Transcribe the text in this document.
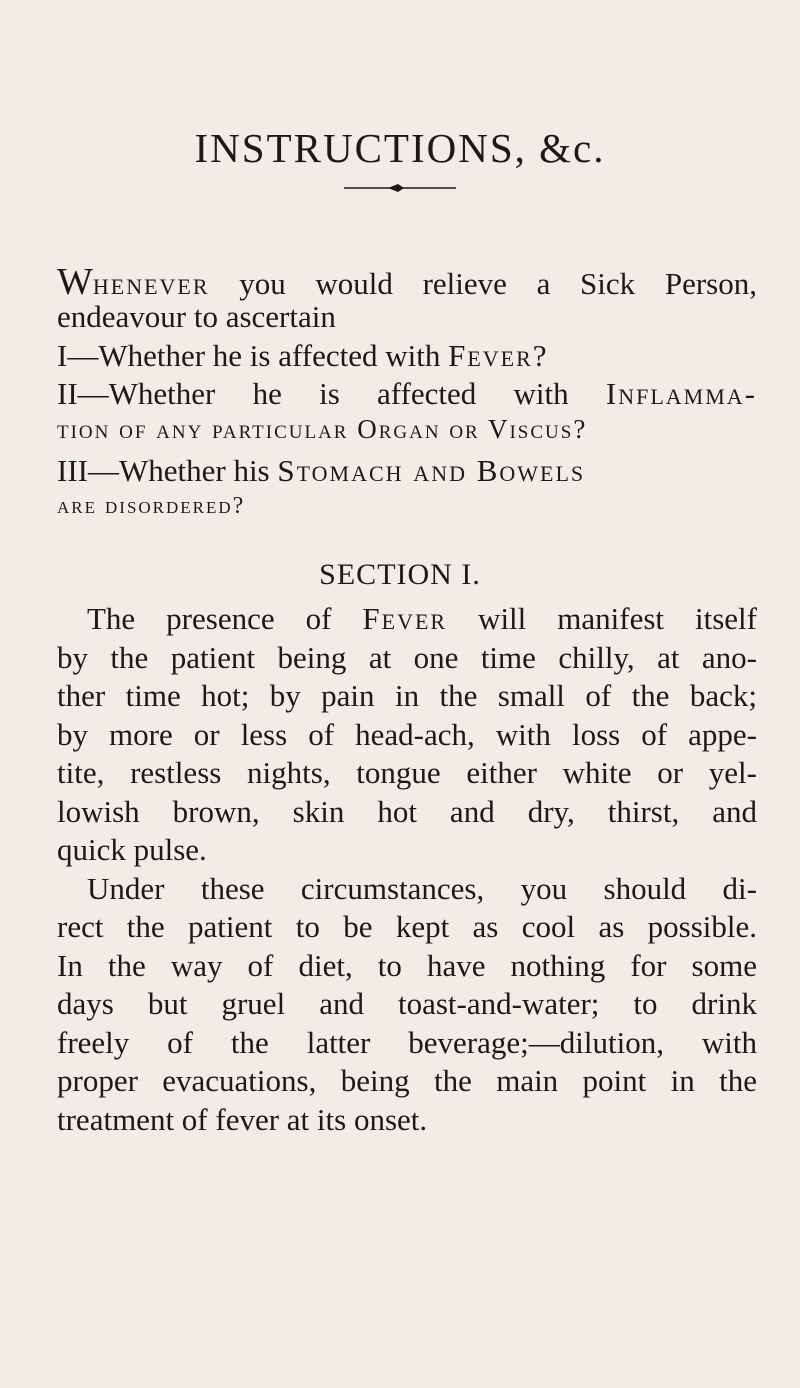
INSTRUCTIONS, &c.
Whenever you would relieve a Sick Person,
endeavour to ascertain
I—Whether he is affected with Fever?
II—Whether he is affected with Inflamma-
tion of any particular Organ or Viscus?
III—Whether his Stomach and Bowels
are disordered?
SECTION I.
The presence of Fever will manifest itself
by the patient being at one time chilly, at ano-
ther time hot; by pain in the small of the back;
by more or less of head-ach, with loss of appe-
tite, restless nights, tongue either white or yel-
lowish brown, skin hot and dry, thirst, and
quick pulse.
Under these circumstances, you should di-
rect the patient to be kept as cool as possible.
In the way of diet, to have nothing for some
days but gruel and toast-and-water; to drink
freely of the latter beverage;—dilution, with
proper evacuations, being the main point in the
treatment of fever at its onset.
